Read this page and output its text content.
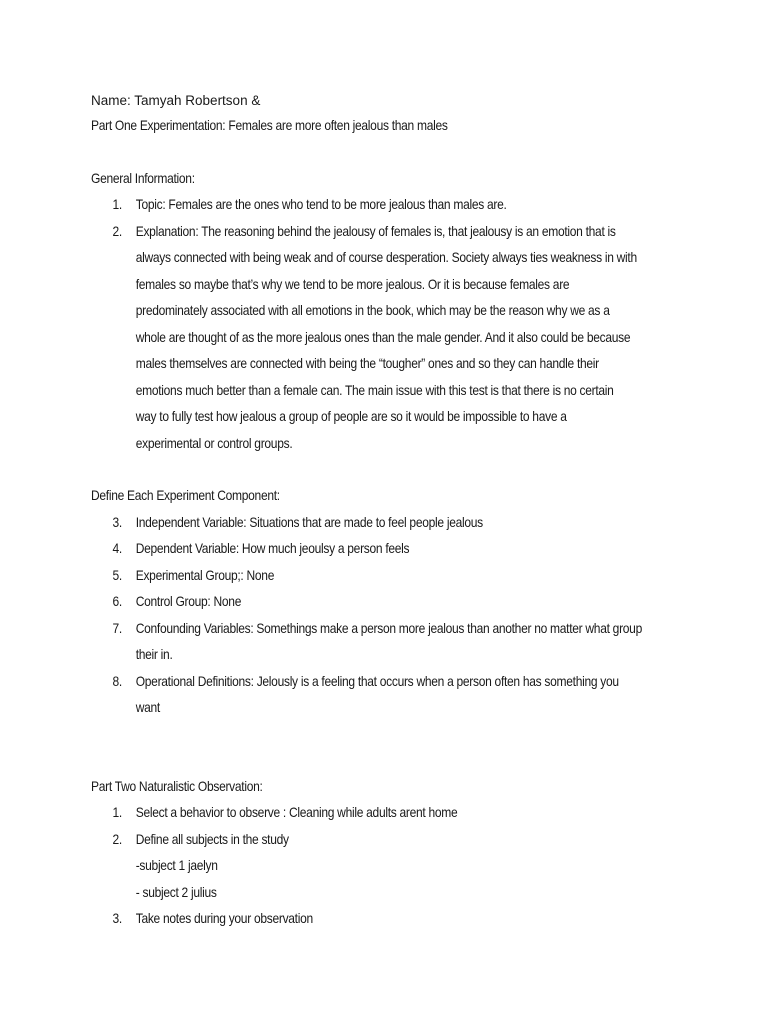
Name: Tamyah Robertson &

Part One Experimentation: Females are more often jealous than males

General Information:

1. Topic: Females are the ones who tend to be more jealous than males are.
2. Explanation: The reasoning behind the jealousy of females is, that jealousy is an emotion that is
always connected with being weak and of course desperation. Society always ties weakness in with
females so maybe that’s why we tend to be more jealous. Or it is because females are
predominately associated with all emotions in the book, which may be the reason why we as a
whole are thought of as the more jealous ones than the male gender. And it also could be because
males themselves are connected with being the “tougher” ones and so they can handle their
emotions much better than a female can. The main issue with this test is that there is no certain
way to fully test how jealous a group of people are so it would be impossible to have a
experimental or control groups.

Define Each Experiment Component:

3. Independent Variable: Situations that are made to feel people jealous
4. Dependent Variable: How much jeoulsy a person feels
5. Experimental Group;: None
6. Control Group: None
7. Confounding Variables: Somethings make a person more jealous than another no matter what group
their in.
8. Operational Definitions: Jelously is a feeling that occurs when a person often has something you
want

Part Two Naturalistic Observation:

1. Select a behavior to observe : Cleaning while adults arent home
2. Define all subjects in the study
-subject 1 jaelyn
- subject 2 julius
3. Take notes during your observation
